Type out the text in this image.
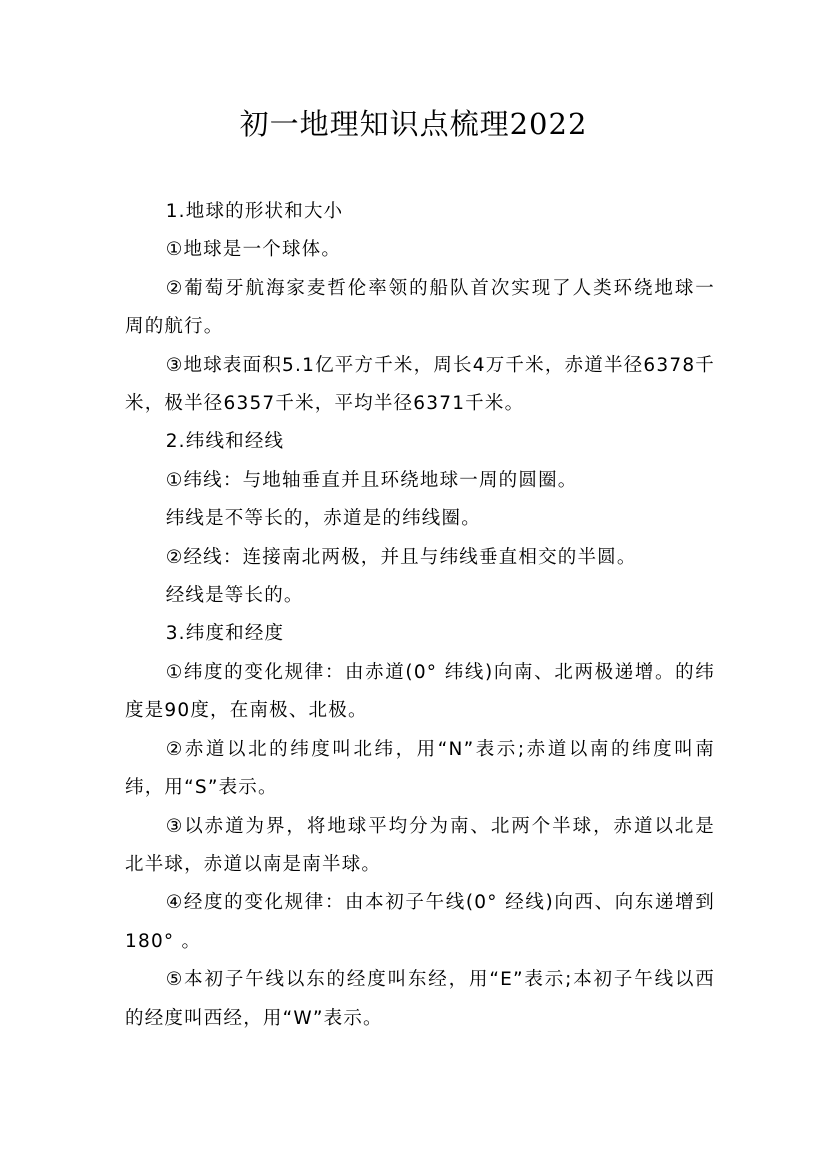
初一地理知识点梳理2022

1.地球的形状和大小

①地球是一个球体。

②葡萄牙航海家麦哲伦率领的船队首次实现了人类环绕地球一周的航行。

③地球表面积5.1亿平方千米，周长4万千米，赤道半径6378千米，极半径6357千米，平均半径6371千米。

2.纬线和经线

①纬线：与地轴垂直并且环绕地球一周的圆圈。

纬线是不等长的，赤道是的纬线圈。

②经线：连接南北两极，并且与纬线垂直相交的半圆。

经线是等长的。

3.纬度和经度

①纬度的变化规律：由赤道(0° 纬线)向南、北两极递增。的纬度是90度，在南极、北极。

②赤道以北的纬度叫北纬，用“N”表示;赤道以南的纬度叫南纬，用“S”表示。

③以赤道为界，将地球平均分为南、北两个半球，赤道以北是北半球，赤道以南是南半球。

④经度的变化规律：由本初子午线(0° 经线)向西、向东递增到180° 。

⑤本初子午线以东的经度叫东经，用“E”表示;本初子午线以西的经度叫西经，用“W”表示。
